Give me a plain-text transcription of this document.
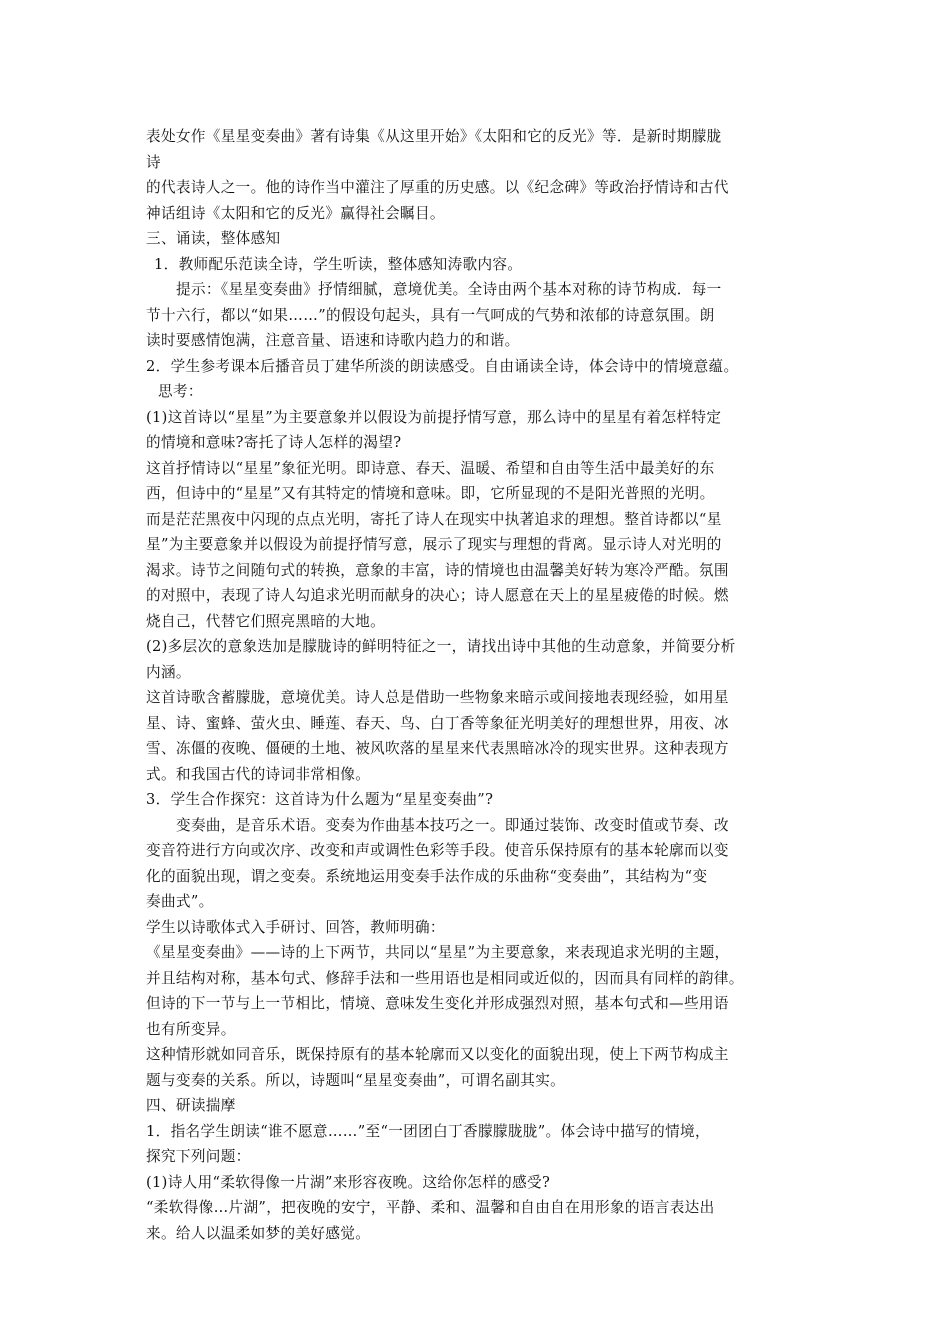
表处女作《星星变奏曲》著有诗集《从这里开始》《太阳和它的反光》等．是新时期朦胧
诗
的代表诗人之一。他的诗作当中灌注了厚重的历史感。以《纪念碑》等政治抒情诗和古代
神话组诗《太阳和它的反光》赢得社会瞩目。
三、诵读，整体感知
1．教师配乐范读全诗，学生听读，整体感知涛歌内容。
提示：《星星变奏曲》抒情细腻，意境优美。全诗由两个基本对称的诗节构成．每一
节十六行，都以“如果……”的假设句起头，具有一气呵成的气势和浓郁的诗意氛围。朗
读时要感情饱满，注意音量、语速和诗歌内趋力的和谐。
2．学生参考课本后播音员丁建华所淡的朗读感受。自由诵读全诗，体会诗中的情境意蕴。
思考：
(1)这首诗以“星星”为主要意象并以假设为前提抒情写意，那么诗中的星星有着怎样特定
的情境和意味?寄托了诗人怎样的渴望?
这首抒情诗以“星星”象征光明。即诗意、春天、温暖、希望和自由等生活中最美好的东
西，但诗中的“星星”又有其特定的情境和意味。即，它所显现的不是阳光普照的光明。
而是茫茫黑夜中闪现的点点光明，寄托了诗人在现实中执著追求的理想。整首诗都以“星
星”为主要意象并以假设为前提抒情写意，展示了现实与理想的背离。显示诗人对光明的
渴求。诗节之间随句式的转换，意象的丰富，诗的情境也由温馨美好转为寒冷严酷。氛围
的对照中，表现了诗人勾追求光明而献身的决心；诗人愿意在天上的星星疲倦的时候。燃
烧自己，代替它们照亮黑暗的大地。
(2)多层次的意象迭加是朦胧诗的鲜明特征之一，请找出诗中其他的生动意象，并简要分析
内涵。
这首诗歌含蓄朦胧，意境优美。诗人总是借助一些物象来暗示或间接地表现经验，如用星
星、诗、蜜蜂、萤火虫、睡莲、春天、鸟、白丁香等象征光明美好的理想世界，用夜、冰
雪、冻僵的夜晚、僵硬的土地、被风吹落的星星来代表黑暗冰冷的现实世界。这种表现方
式。和我国古代的诗词非常相像。
3．学生合作探究：这首诗为什么题为“星星变奏曲”?
变奏曲，是音乐术语。变奏为作曲基本技巧之一。即通过装饰、改变时值或节奏、改
变音符进行方向或次序、改变和声或调性色彩等手段。使音乐保持原有的基本轮廓而以变
化的面貌出现，谓之变奏。系统地运用变奏手法作成的乐曲称“变奏曲”，其结构为“变
奏曲式”。
学生以诗歌体式入手研讨、回答，教师明确：
《星星变奏曲》——诗的上下两节，共同以“星星”为主要意象，来表现追求光明的主题，
并且结构对称，基本句式、修辞手法和一些用语也是相同或近似的，因而具有同样的韵律。
但诗的下一节与上一节相比，情境、意味发生变化并形成强烈对照，基本句式和—些用语
也有所变异。
这种情形就如同音乐，既保持原有的基本轮廓而又以变化的面貌出现，使上下两节构成主
题与变奏的关系。所以，诗题叫“星星变奏曲”，可谓名副其实。
四、研读揣摩
1．指名学生朗读“谁不愿意……”至“一团团白丁香朦朦胧胧”。体会诗中描写的情境，
探究下列问题：
(1)诗人用“柔软得像一片湖”来形容夜晚。这给你怎样的感受?
“柔软得像…片湖”，把夜晚的安宁，平静、柔和、温馨和自由自在用形象的语言表达出
来。给人以温柔如梦的美好感觉。
